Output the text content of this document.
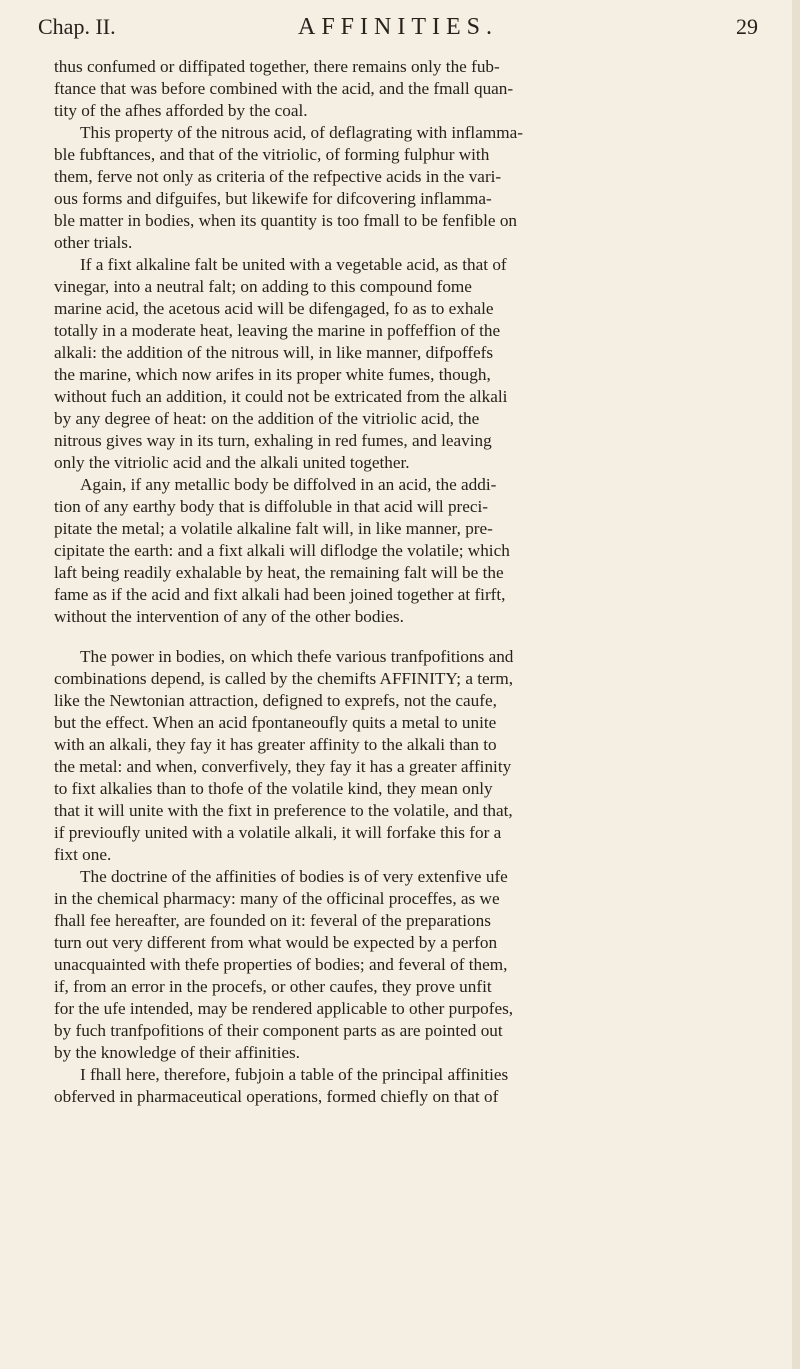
Chap. II.	AFFINITIES.	29
thus confumed or diffipated together, there remains only the fub-
ftance that was before combined with the acid, and the fmall quan-
tity of the afhes afforded by the coal.
This property of the nitrous acid, of deflagrating with inflamma-
ble fubftances, and that of the vitriolic, of forming fulphur with
them, ferve not only as criteria of the refpective acids in the vari-
ous forms and difguifes, but likewife for difcovering inflamma-
ble matter in bodies, when its quantity is too fmall to be fenfible on
other trials.
If a fixt alkaline falt be united with a vegetable acid, as that of
vinegar, into a neutral falt; on adding to this compound fome
marine acid, the acetous acid will be difengaged, fo as to exhale
totally in a moderate heat, leaving the marine in poffeffion of the
alkali: the addition of the nitrous will, in like manner, difpoffefs
the marine, which now arifes in its proper white fumes, though,
without fuch an addition, it could not be extricated from the alkali
by any degree of heat: on the addition of the vitriolic acid, the
nitrous gives way in its turn, exhaling in red fumes, and leaving
only the vitriolic acid and the alkali united together.
Again, if any metallic body be diffolved in an acid, the addi-
tion of any earthy body that is diffoluble in that acid will preci-
pitate the metal; a volatile alkaline falt will, in like manner, pre-
cipitate the earth: and a fixt alkali will diflodge the volatile; which
laft being readily exhalable by heat, the remaining falt will be the
fame as if the acid and fixt alkali had been joined together at firft,
without the intervention of any of the other bodies.
The power in bodies, on which thefe various tranfpofitions and
combinations depend, is called by the chemifts AFFINITY; a term,
like the Newtonian attraction, defigned to exprefs, not the caufe,
but the effect. When an acid fpontaneoufly quits a metal to unite
with an alkali, they fay it has greater affinity to the alkali than to
the metal: and when, converfively, they fay it has a greater affinity
to fixt alkalies than to thofe of the volatile kind, they mean only
that it will unite with the fixt in preference to the volatile, and that,
if previoufly united with a volatile alkali, it will forfake this for a
fixt one.
The doctrine of the affinities of bodies is of very extenfive ufe
in the chemical pharmacy: many of the officinal proceffes, as we
fhall fee hereafter, are founded on it: feveral of the preparations
turn out very different from what would be expected by a perfon
unacquainted with thefe properties of bodies; and feveral of them,
if, from an error in the procefs, or other caufes, they prove unfit
for the ufe intended, may be rendered applicable to other purpofes,
by fuch tranfpofitions of their component parts as are pointed out
by the knowledge of their affinities.
I fhall here, therefore, fubjoin a table of the principal affinities
obferved in pharmaceutical operations, formed chiefly on that of
